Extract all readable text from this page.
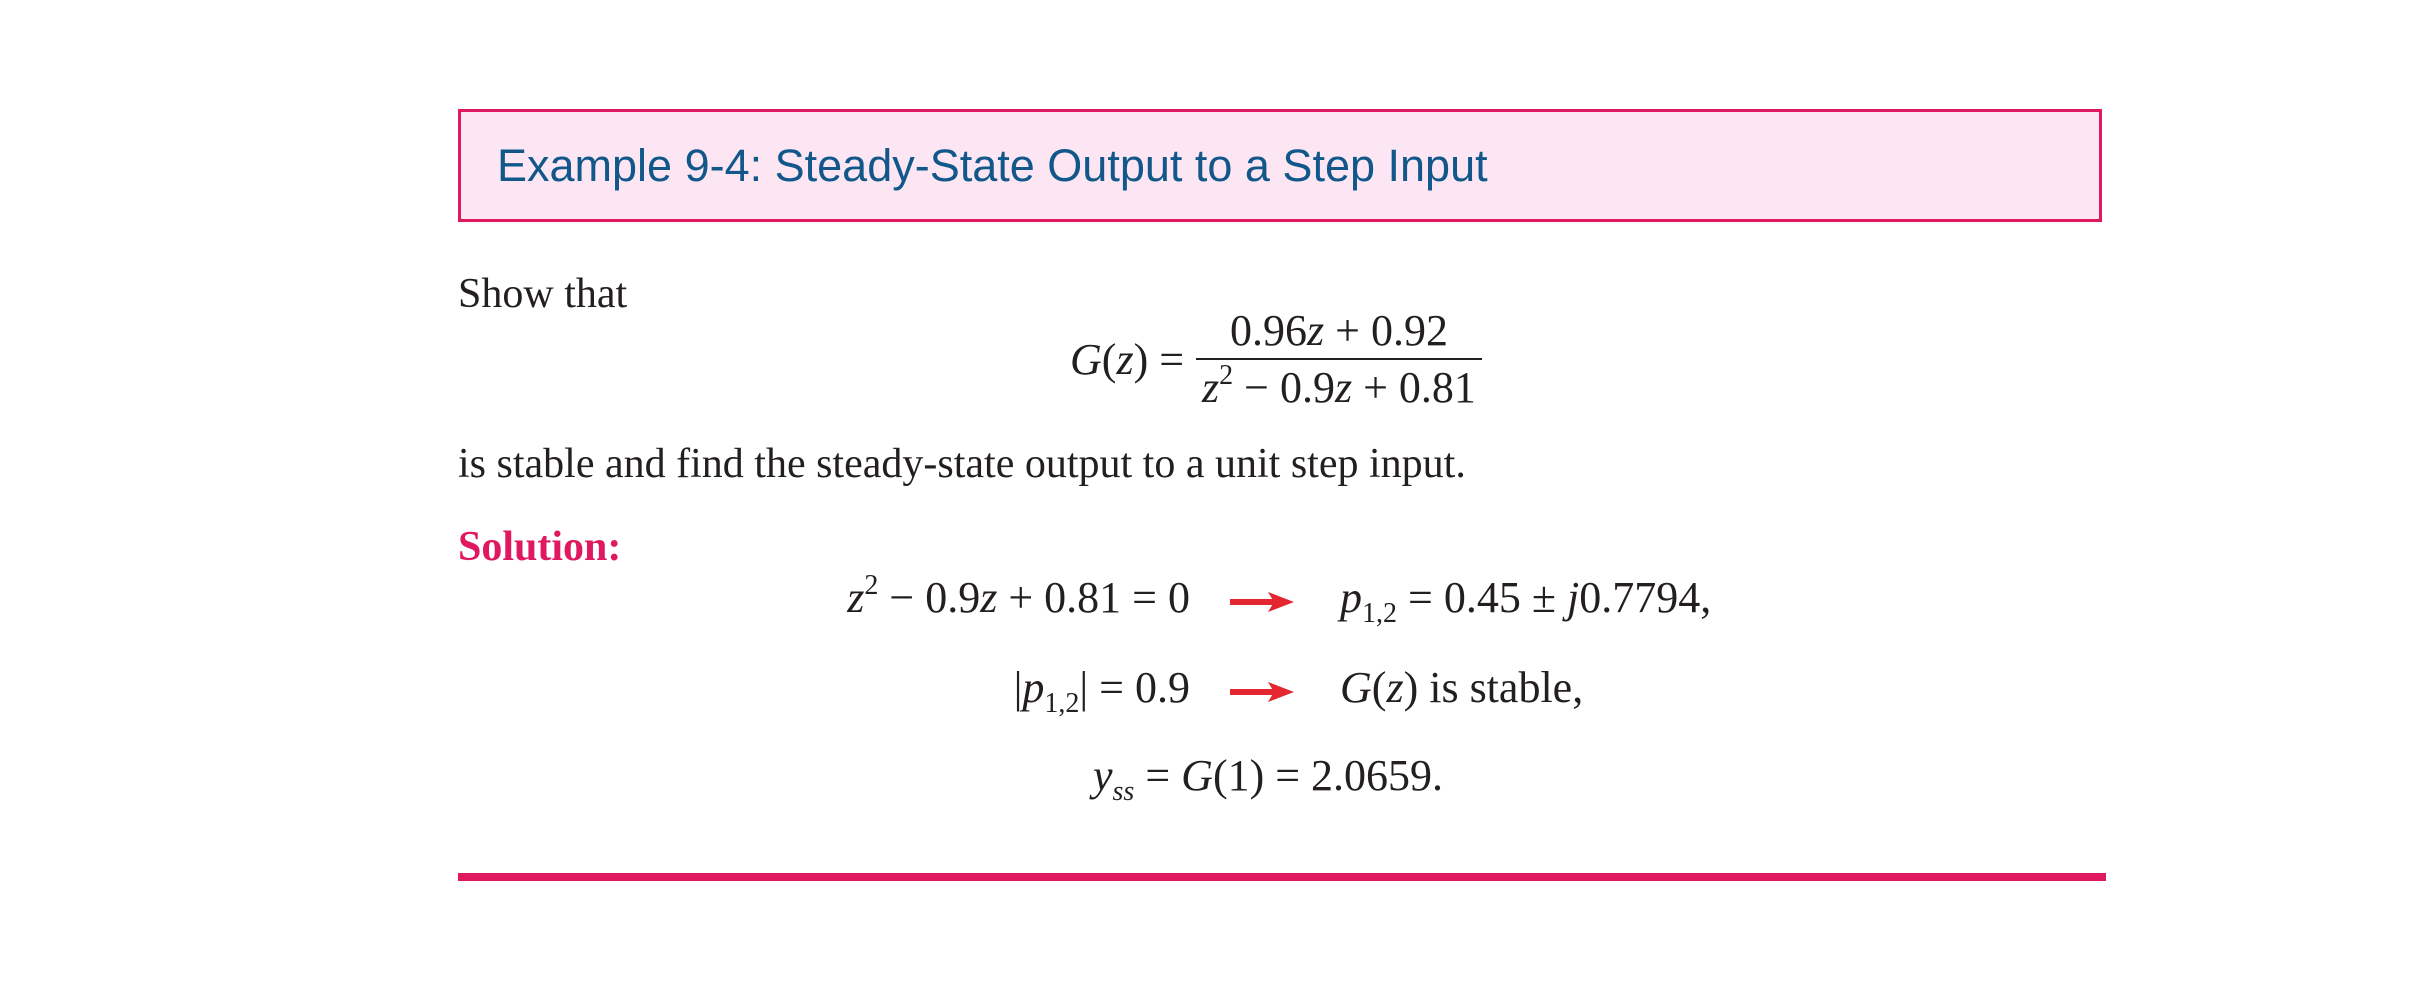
Example 9-4: Steady-State Output to a Step Input
Show that
$G(z) = \frac{0.96z + 0.92}{z^2 - 0.9z + 0.81}$
is stable and find the steady-state output to a unit step input.
Solution:
$z^2 - 0.9z + 0.81 = 0$	$p_{1,2} = 0.45 \pm j0.7794$,
$|p_{1,2}| = 0.9$	G(z) is stable,
$y_{ss} = G(1) = 2.0659$.
